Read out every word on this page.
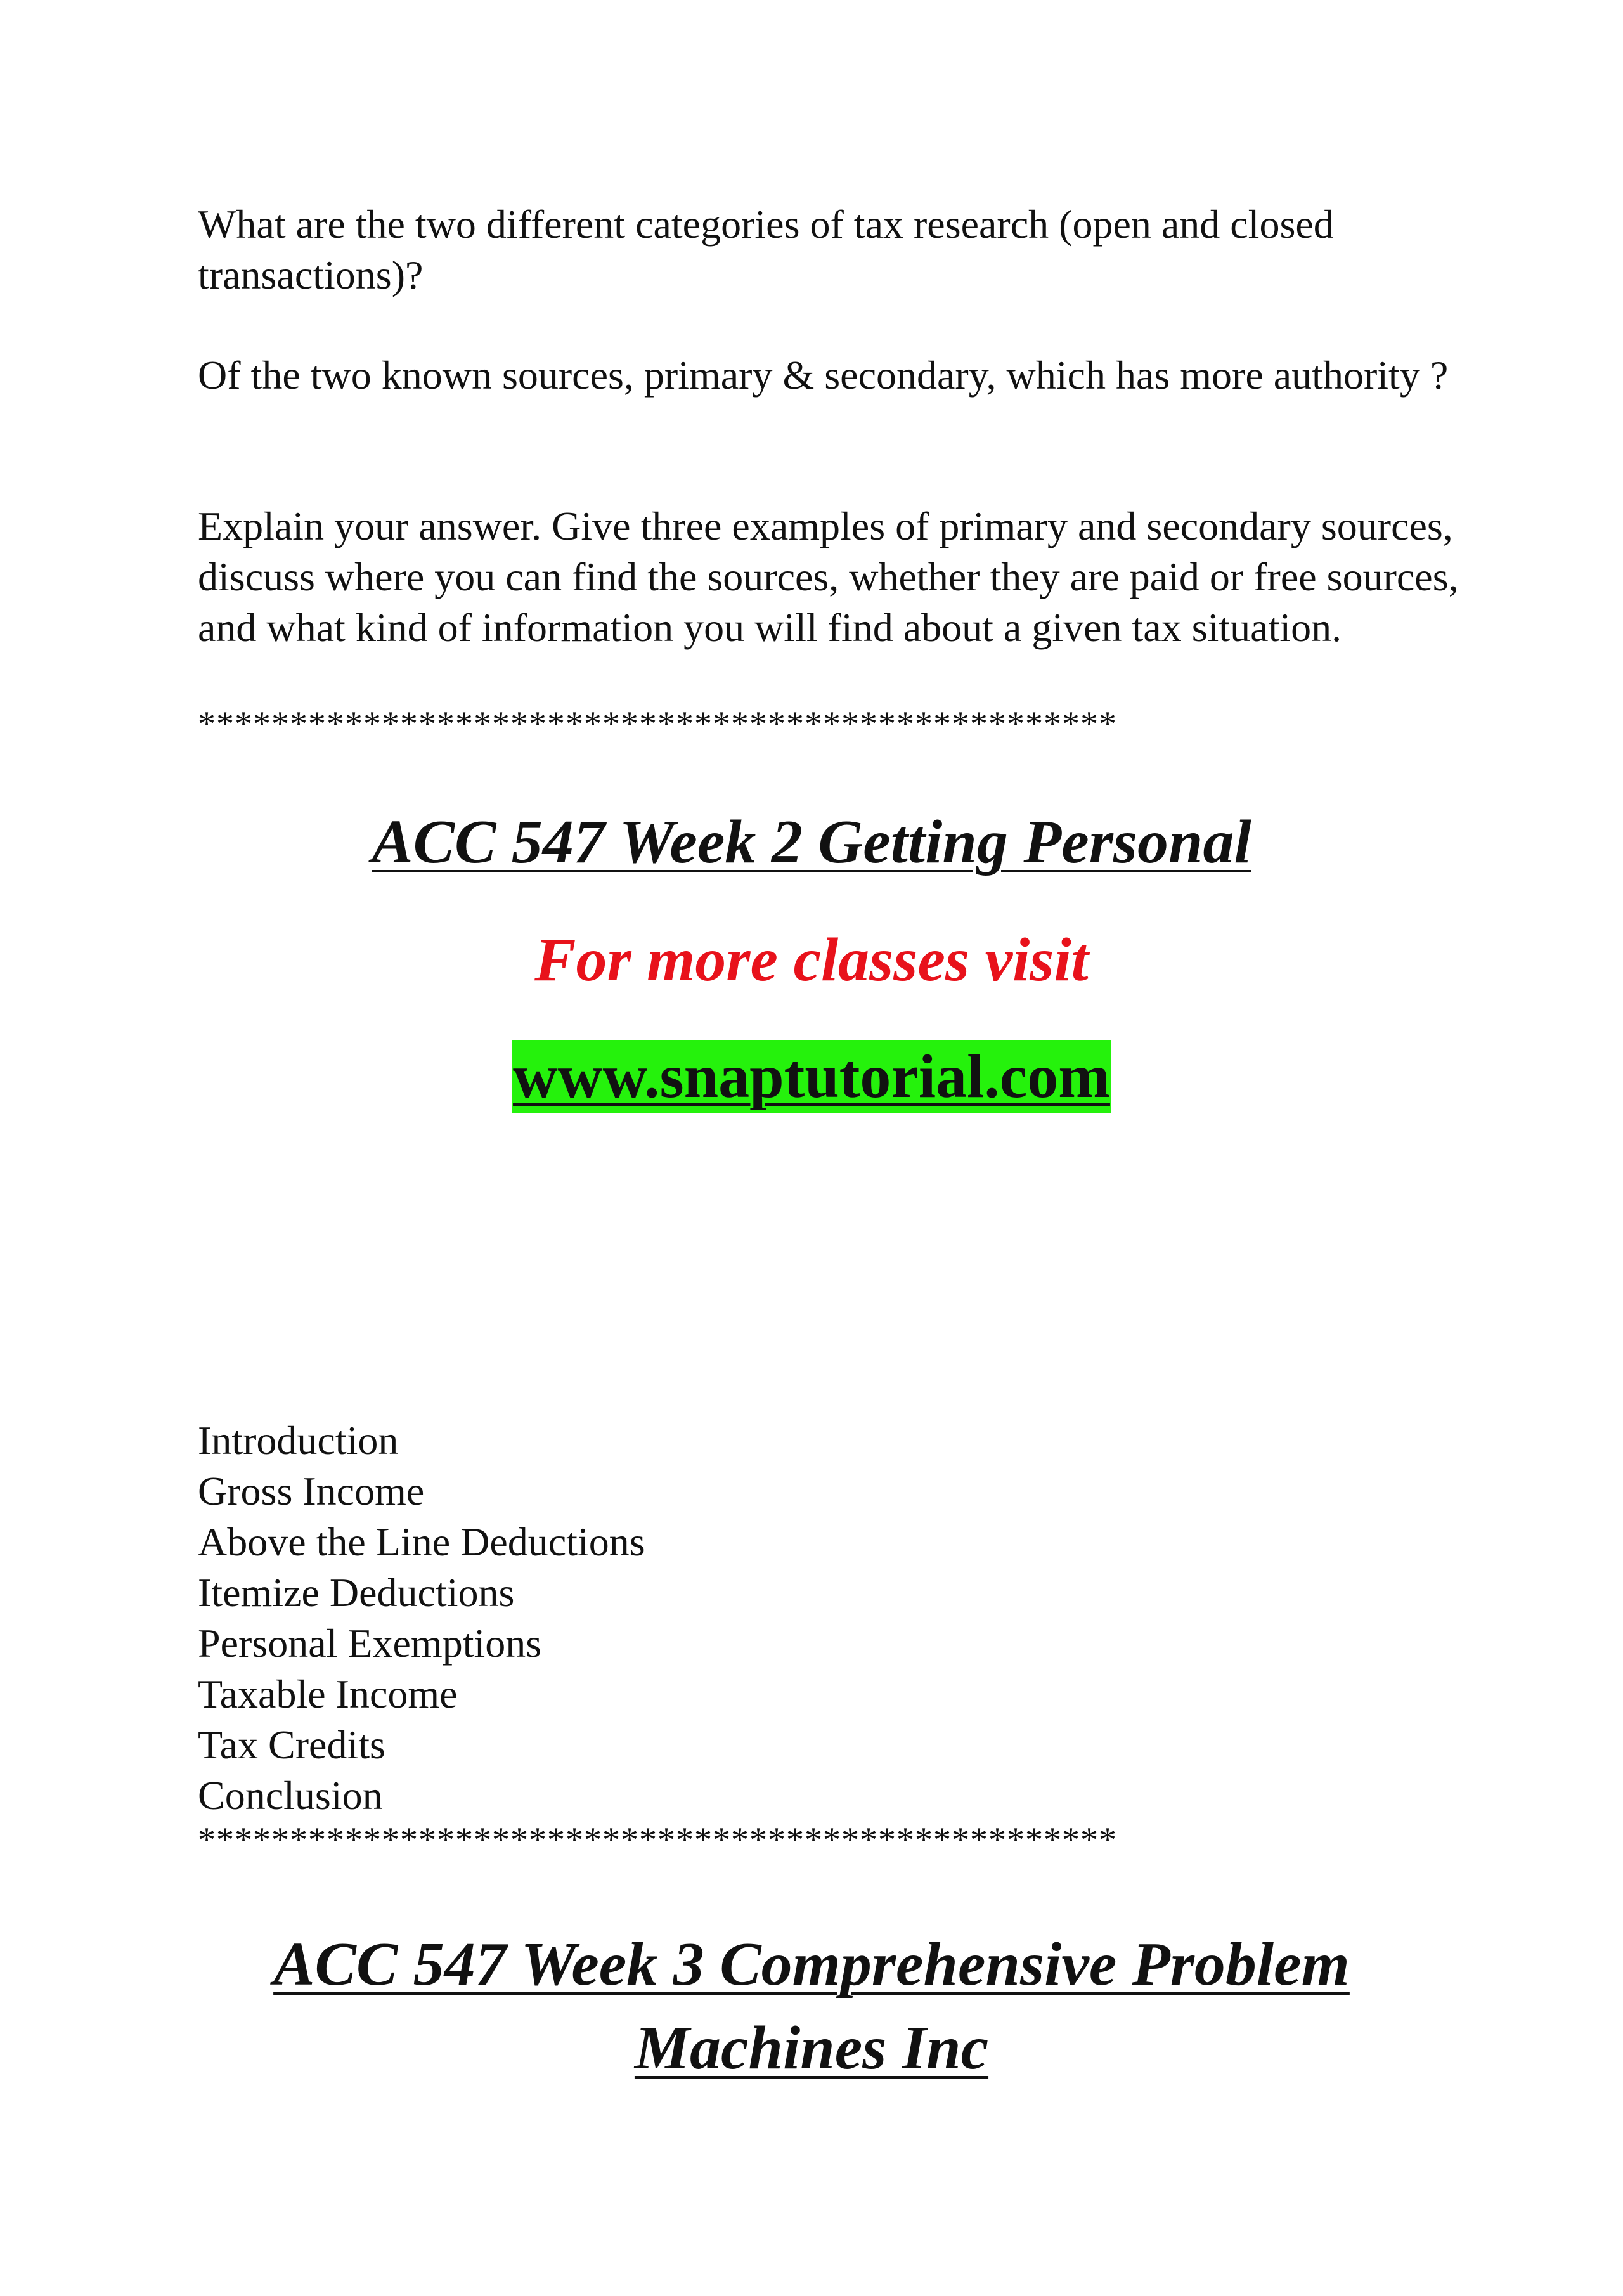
What are the two different categories of tax research (open and closed transactions)?

Of the two known sources, primary & secondary, which has more authority ?

Explain your answer. Give three examples of primary and secondary sources, discuss where you can find the sources, whether they are paid or free sources, and what kind of information you will find about a given tax situation.

**************************************************

ACC 547 Week 2 Getting Personal

For more classes visit

www.snaptutorial.com
Introduction
Gross Income
Above the Line Deductions
Itemize Deductions
Personal Exemptions
Taxable Income
Tax Credits
Conclusion

**************************************************

ACC 547 Week 3 Comprehensive Problem
Machines Inc
